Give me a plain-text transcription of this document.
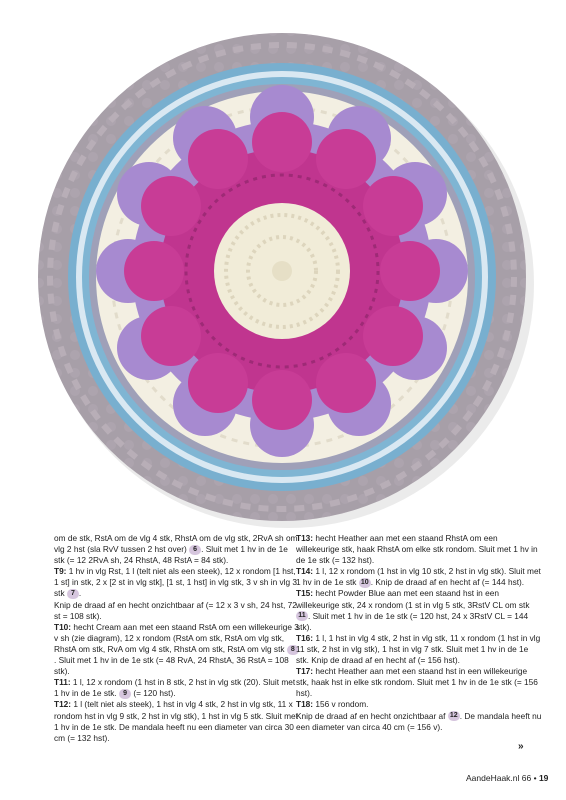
om de stk, RstA om de vlg 4 stk, RhstA om de vlg stk, 2RvA sh om vlg 2 hst (sla RvV tussen 2 hst over) 6 . Sluit met 1 hv in de 1e stk (= 12 2RvA sh, 24 RhstA, 48 RstA = 84 stk).

T9: 1 hv in vlg Rst, 1 l (telt niet als een steek), 12 x rondom [1 hst, 1 st] in stk, 2 x [2 st in vlg stk], [1 st, 1 hst] in vlg stk, 3 v sh in vlg 3 stk 7 .

Knip de draad af en hecht onzichtbaar af (= 12 x 3 v sh, 24 hst, 72 st = 108 stk).

T10: hecht Cream aan met een staand RstA om een willekeurige 3 v sh (zie diagram), 12 x rondom (RstA om stk, RstA om vlg stk, RhstA om stk, RvA om vlg 4 stk, RhstA om stk, RstA om vlg stk 8. Sluit met 1 hv in de 1e stk (= 48 RvA, 24 RhstA, 36 RstA = 108 stk).

T11: 1 l, 12 x rondom (1 hst in 8 stk, 2 hst in vlg stk (20). Sluit met 1 hv in de 1e stk. 9 (= 120 hst).

T12: 1 l (telt niet als steek), 1 hst in vlg 4 stk, 2 hst in vlg stk, 11 x rondom hst in vlg 9 stk, 2 hst in vlg stk), 1 hst in vlg 5 stk. Sluit met 1 hv in de 1e stk. De mandala heeft nu een diameter van circa 30 cm (= 132 hst).

T13: hecht Heather aan met een staand RhstA om een willekeurige stk, haak RhstA om elke stk rondom. Sluit met 1 hv in de 1e stk (= 132 hst).

T14: 1 l, 12 x rondom (1 hst in vlg 10 stk, 2 hst in vlg stk). Sluit met 1 hv in de 1e stk 10 . Knip de draad af en hecht af (= 144 hst).

T15: hecht Powder Blue aan met een staand hst in een willekeurige stk, 24 x rondom (1 st in vlg 5 stk, 3RstV CL om stk 11 . Sluit met 1 hv in de 1e stk (= 120 hst, 24 x 3RstV CL = 144 stk).

T16: 1 l, 1 hst in vlg 4 stk, 2 hst in vlg stk, 11 x rondom (1 hst in vlg 11 stk, 2 hst in vlg stk), 1 hst in vlg 7 stk. Sluit met 1 hv in de 1e stk. Knip de draad af en hecht af (= 156 hst).

T17: hecht Heather aan met een staand hst in een willekeurige stk, haak hst in elke stk rondom. Sluit met 1 hv in de 1e stk (= 156 hst).

T18: 156 v rondom.

Knip de draad af en hecht onzichtbaar af 12 . De mandala heeft nu een diameter van circa 40 cm (= 156 v).

»
AandeHaak.nl 66 • 19
PassionForum.ru
